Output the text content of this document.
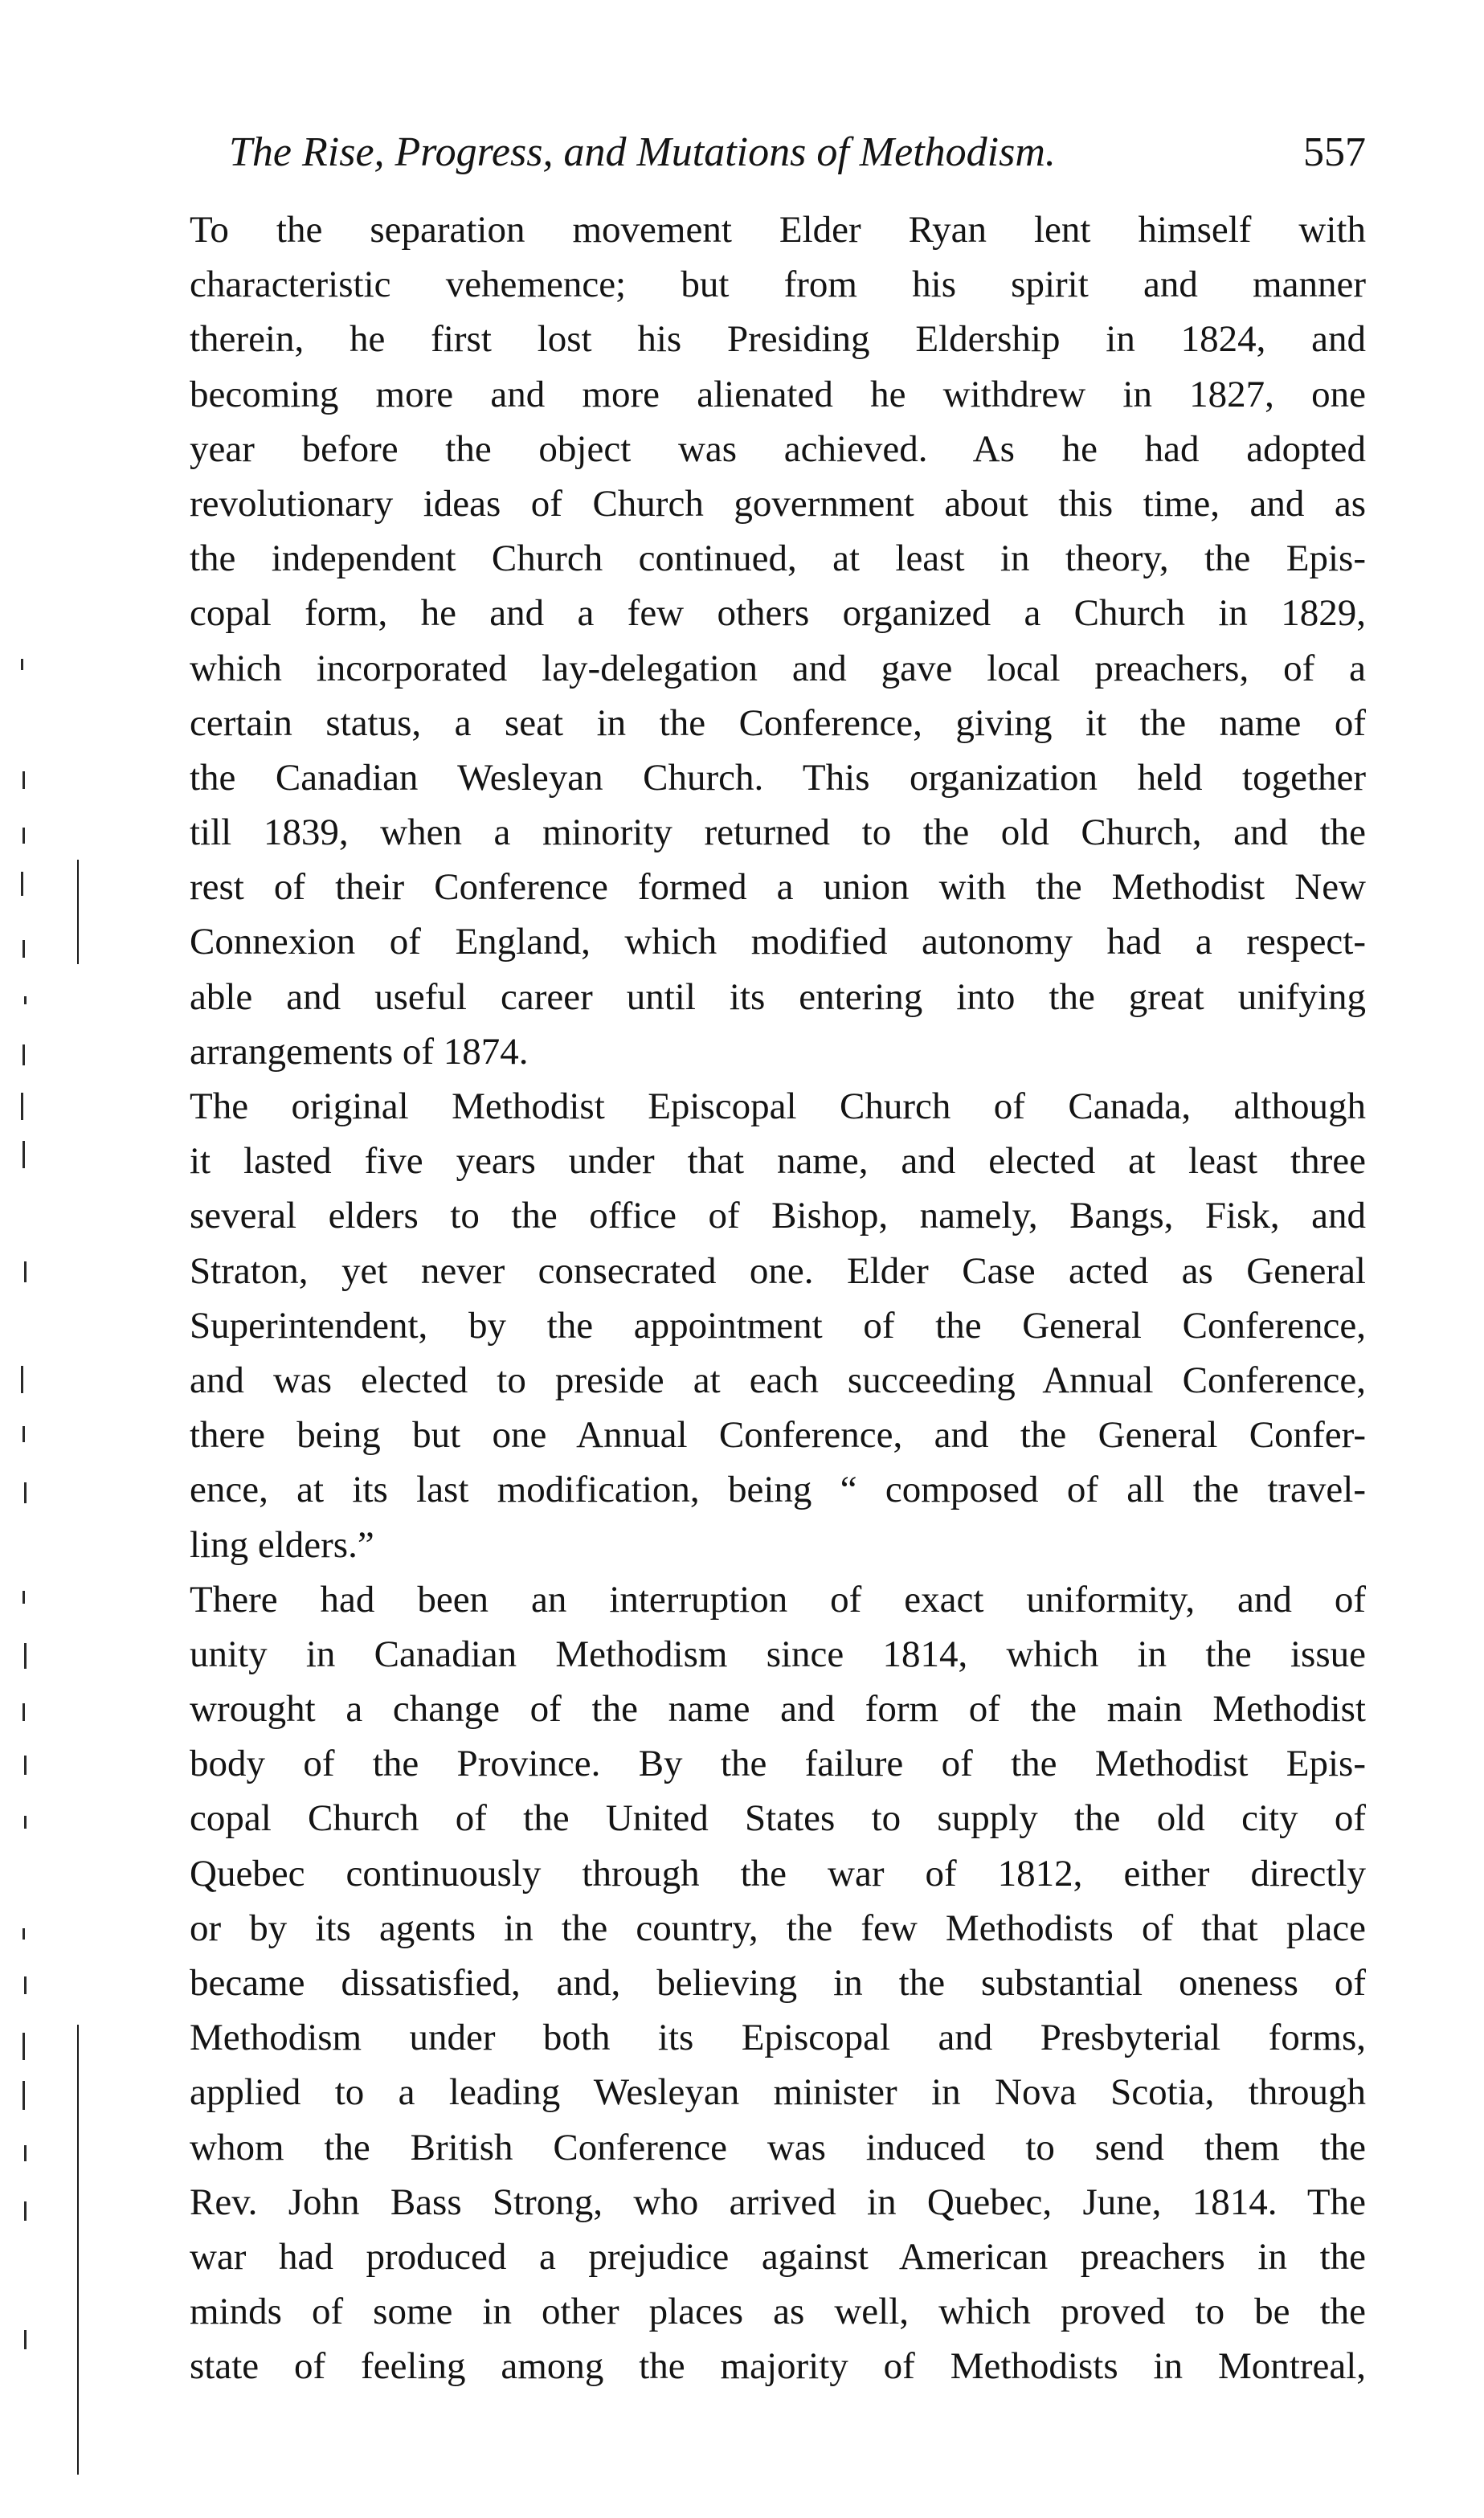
The Rise, Progress, and Mutations of Methodism.	557
To the separation movement Elder Ryan lent himself with
characteristic vehemence; but from his spirit and manner
therein, he first lost his Presiding Eldership in 1824, and
becoming more and more alienated he withdrew in 1827, one
year before the object was achieved. As he had adopted
revolutionary ideas of Church government about this time, and as
the independent Church continued, at least in theory, the Epis-
copal form, he and a few others organized a Church in 1829,
which incorporated lay-delegation and gave local preachers, of a
certain status, a seat in the Conference, giving it the name of
the Canadian Wesleyan Church. This organization held together
till 1839, when a minority returned to the old Church, and the
rest of their Conference formed a union with the Methodist New
Connexion of England, which modified autonomy had a respect-
able and useful career until its entering into the great unifying
arrangements of 1874.
The original Methodist Episcopal Church of Canada, although
it lasted five years under that name, and elected at least three
several elders to the office of Bishop, namely, Bangs, Fisk, and
Straton, yet never consecrated one. Elder Case acted as General
Superintendent, by the appointment of the General Conference,
and was elected to preside at each succeeding Annual Conference,
there being but one Annual Conference, and the General Confer-
ence, at its last modification, being “ composed of all the travel-
ling elders.”
There had been an interruption of exact uniformity, and of
unity in Canadian Methodism since 1814, which in the issue
wrought a change of the name and form of the main Methodist
body of the Province. By the failure of the Methodist Epis-
copal Church of the United States to supply the old city of
Quebec continuously through the war of 1812, either directly
or by its agents in the country, the few Methodists of that place
became dissatisfied, and, believing in the substantial oneness of
Methodism under both its Episcopal and Presbyterial forms,
applied to a leading Wesleyan minister in Nova Scotia, through
whom the British Conference was induced to send them the
Rev. John Bass Strong, who arrived in Quebec, June, 1814. The
war had produced a prejudice against American preachers in the
minds of some in other places as well, which proved to be the
state of feeling among the majority of Methodists in Montreal,
